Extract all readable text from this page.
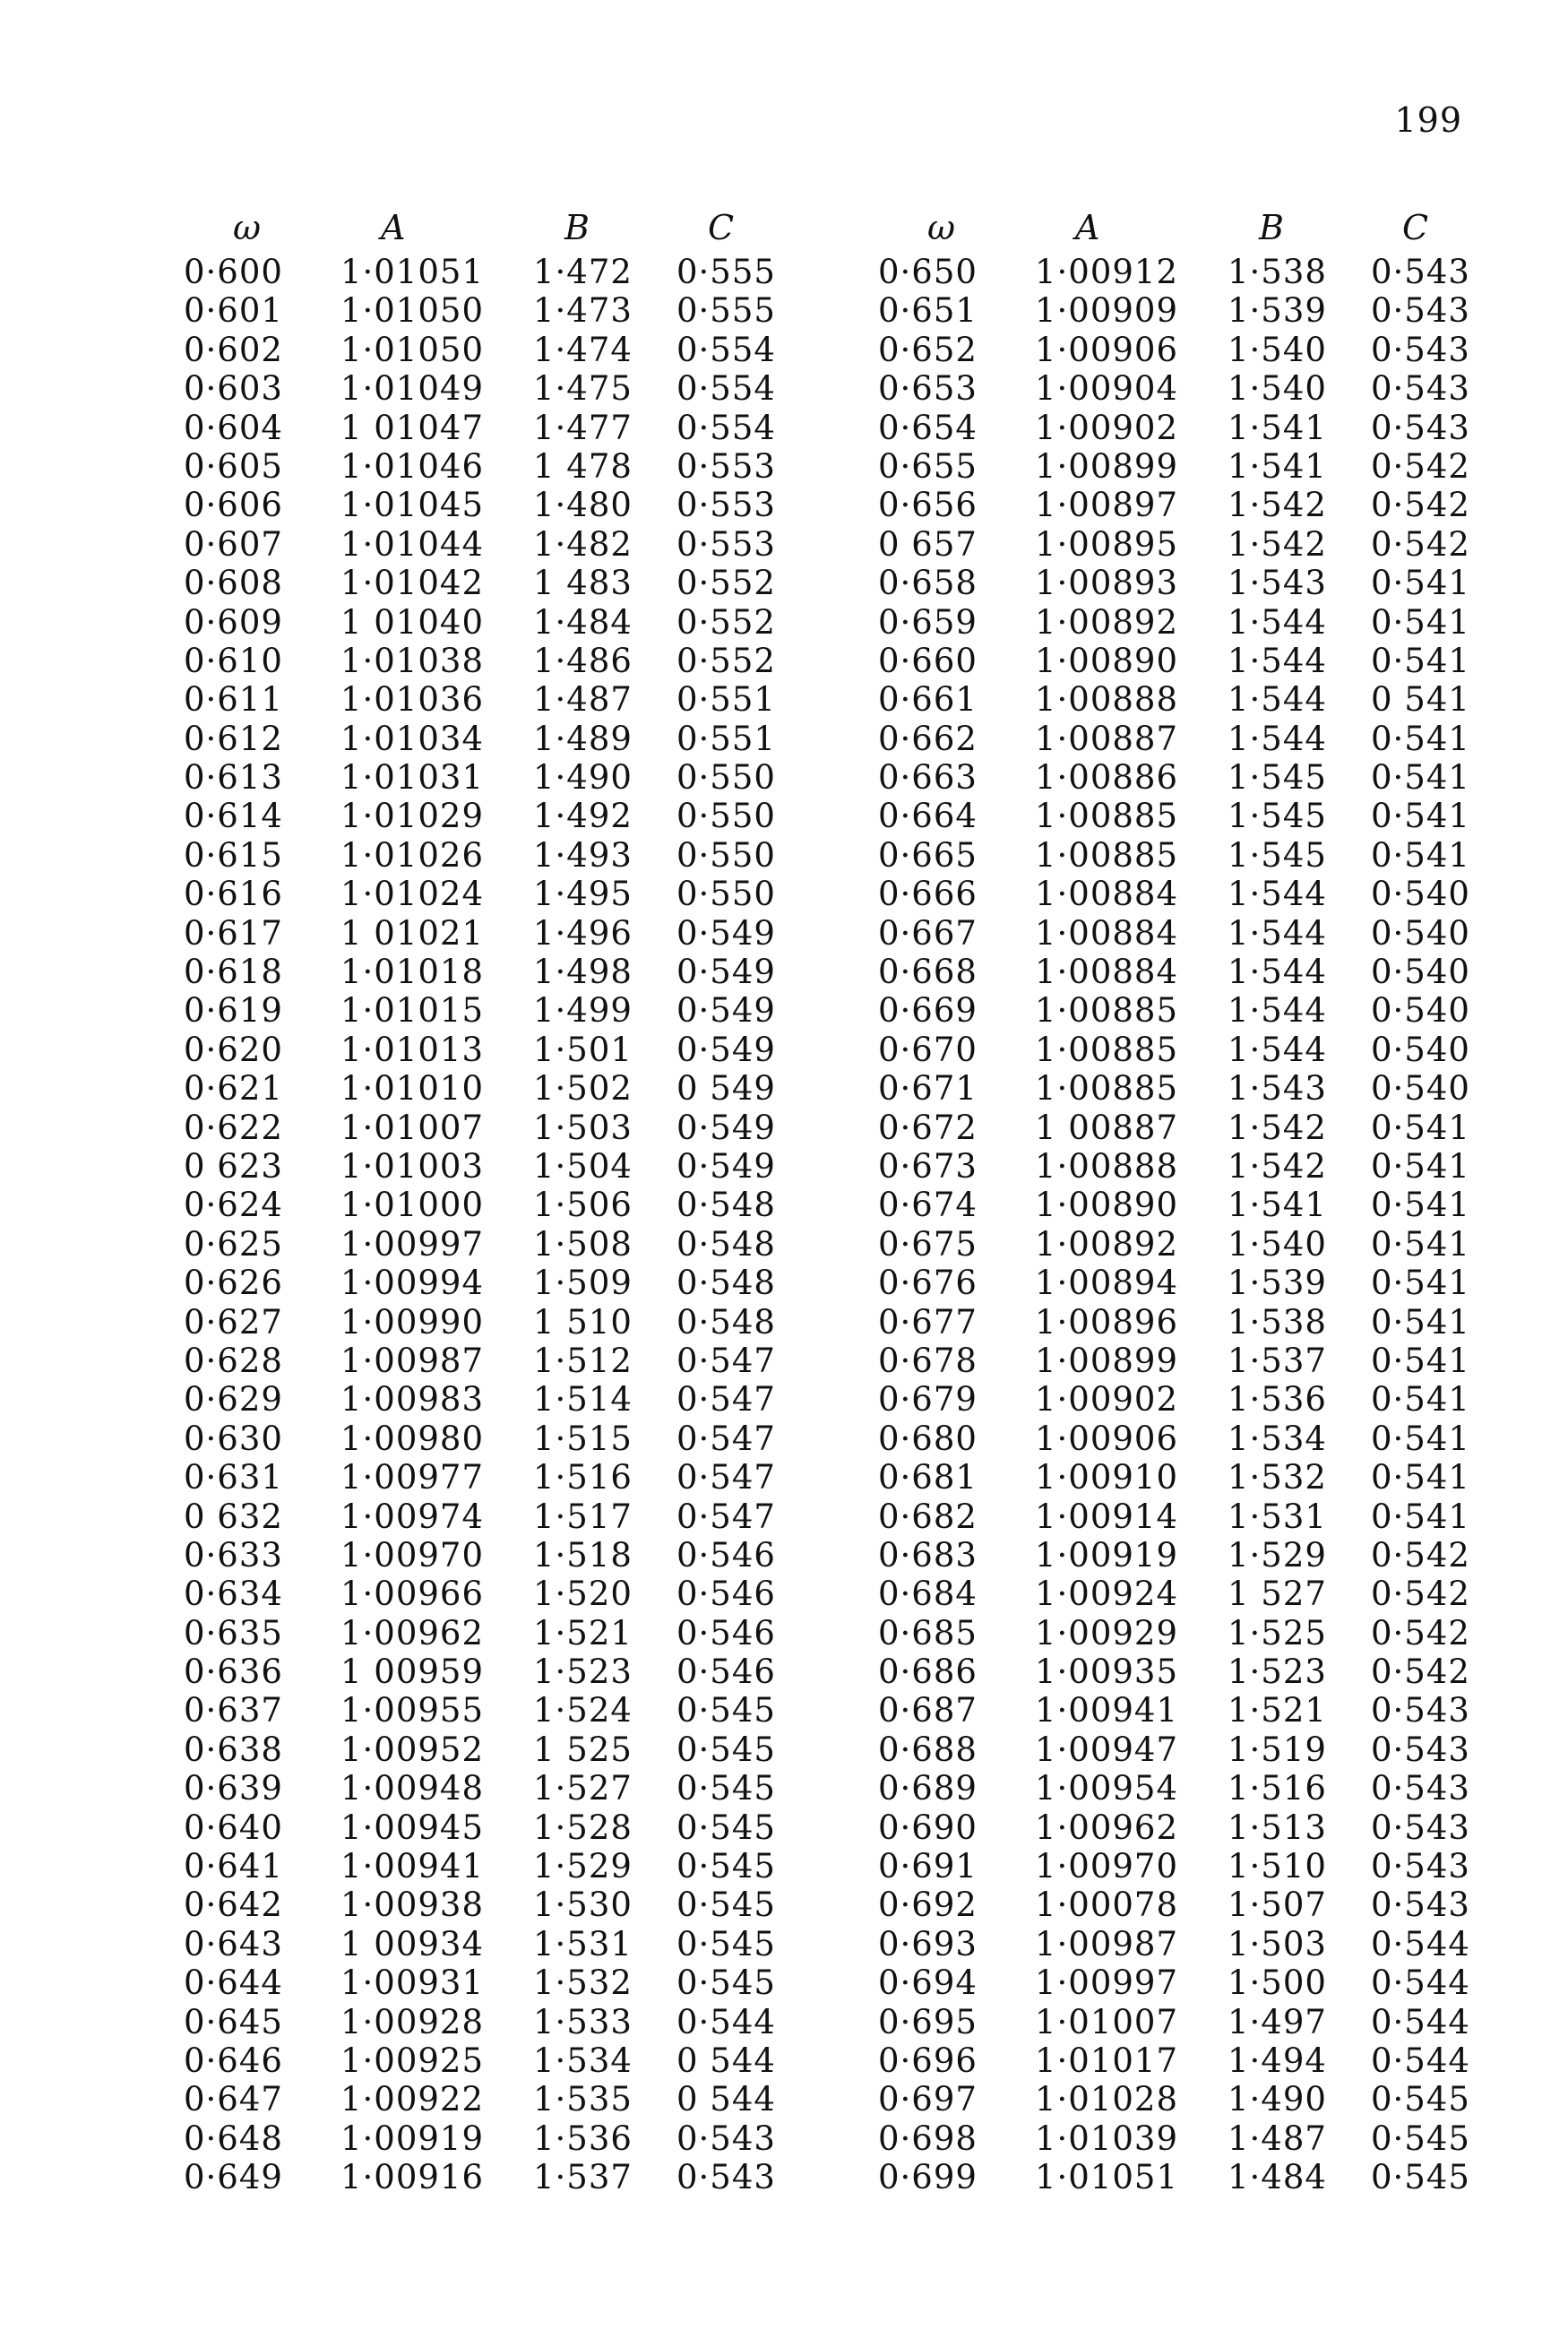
199
ω	A	B	C
0·600	1·01051	1·472	0·555
0·601	1·01050	1·473	0·555
0·602	1·01050	1·474	0·554
0·603	1·01049	1·475	0·554
0·604	1 01047	1·477	0·554
0·605	1·01046	1 478	0·553
0·606	1·01045	1·480	0·553
0·607	1·01044	1·482	0·553
0·608	1·01042	1 483	0·552
0·609	1 01040	1·484	0·552
0·610	1·01038	1·486	0·552
0·611	1·01036	1·487	0·551
0·612	1·01034	1·489	0·551
0·613	1·01031	1·490	0·550
0·614	1·01029	1·492	0·550
0·615	1·01026	1·493	0·550
0·616	1·01024	1·495	0·550
0·617	1 01021	1·496	0·549
0·618	1·01018	1·498	0·549
0·619	1·01015	1·499	0·549
0·620	1·01013	1·501	0·549
0·621	1·01010	1·502	0 549
0·622	1·01007	1·503	0·549
0 623	1·01003	1·504	0·549
0·624	1·01000	1·506	0·548
0·625	1·00997	1·508	0·548
0·626	1·00994	1·509	0·548
0·627	1·00990	1 510	0·548
0·628	1·00987	1·512	0·547
0·629	1·00983	1·514	0·547
0·630	1·00980	1·515	0·547
0·631	1·00977	1·516	0·547
0 632	1·00974	1·517	0·547
0·633	1·00970	1·518	0·546
0·634	1·00966	1·520	0·546
0·635	1·00962	1·521	0·546
0·636	1 00959	1·523	0·546
0·637	1·00955	1·524	0·545
0·638	1·00952	1 525	0·545
0·639	1·00948	1·527	0·545
0·640	1·00945	1·528	0·545
0·641	1·00941	1·529	0·545
0·642	1·00938	1·530	0·545
0·643	1 00934	1·531	0·545
0·644	1·00931	1·532	0·545
0·645	1·00928	1·533	0·544
0·646	1·00925	1·534	0 544
0·647	1·00922	1·535	0 544
0·648	1·00919	1·536	0·543
0·649	1·00916	1·537	0·543
ω	A	B	C
0·650	1·00912	1·538	0·543
0·651	1·00909	1·539	0·543
0·652	1·00906	1·540	0·543
0·653	1·00904	1·540	0·543
0·654	1·00902	1·541	0·543
0·655	1·00899	1·541	0·542
0·656	1·00897	1·542	0·542
0 657	1·00895	1·542	0·542
0·658	1·00893	1·543	0·541
0·659	1·00892	1·544	0·541
0·660	1·00890	1·544	0·541
0·661	1·00888	1·544	0 541
0·662	1·00887	1·544	0·541
0·663	1·00886	1·545	0·541
0·664	1·00885	1·545	0·541
0·665	1·00885	1·545	0·541
0·666	1·00884	1·544	0·540
0·667	1·00884	1·544	0·540
0·668	1·00884	1·544	0·540
0·669	1·00885	1·544	0·540
0·670	1·00885	1·544	0·540
0·671	1·00885	1·543	0·540
0·672	1 00887	1·542	0·541
0·673	1·00888	1·542	0·541
0·674	1·00890	1·541	0·541
0·675	1·00892	1·540	0·541
0·676	1·00894	1·539	0·541
0·677	1·00896	1·538	0·541
0·678	1·00899	1·537	0·541
0·679	1·00902	1·536	0·541
0·680	1·00906	1·534	0·541
0·681	1·00910	1·532	0·541
0·682	1·00914	1·531	0·541
0·683	1·00919	1·529	0·542
0·684	1·00924	1 527	0·542
0·685	1·00929	1·525	0·542
0·686	1·00935	1·523	0·542
0·687	1·00941	1·521	0·543
0·688	1·00947	1·519	0·543
0·689	1·00954	1·516	0·543
0·690	1·00962	1·513	0·543
0·691	1·00970	1·510	0·543
0·692	1·00078	1·507	0·543
0·693	1·00987	1·503	0·544
0·694	1·00997	1·500	0·544
0·695	1·01007	1·497	0·544
0·696	1·01017	1·494	0·544
0·697	1·01028	1·490	0·545
0·698	1·01039	1·487	0·545
0·699	1·01051	1·484	0·545
